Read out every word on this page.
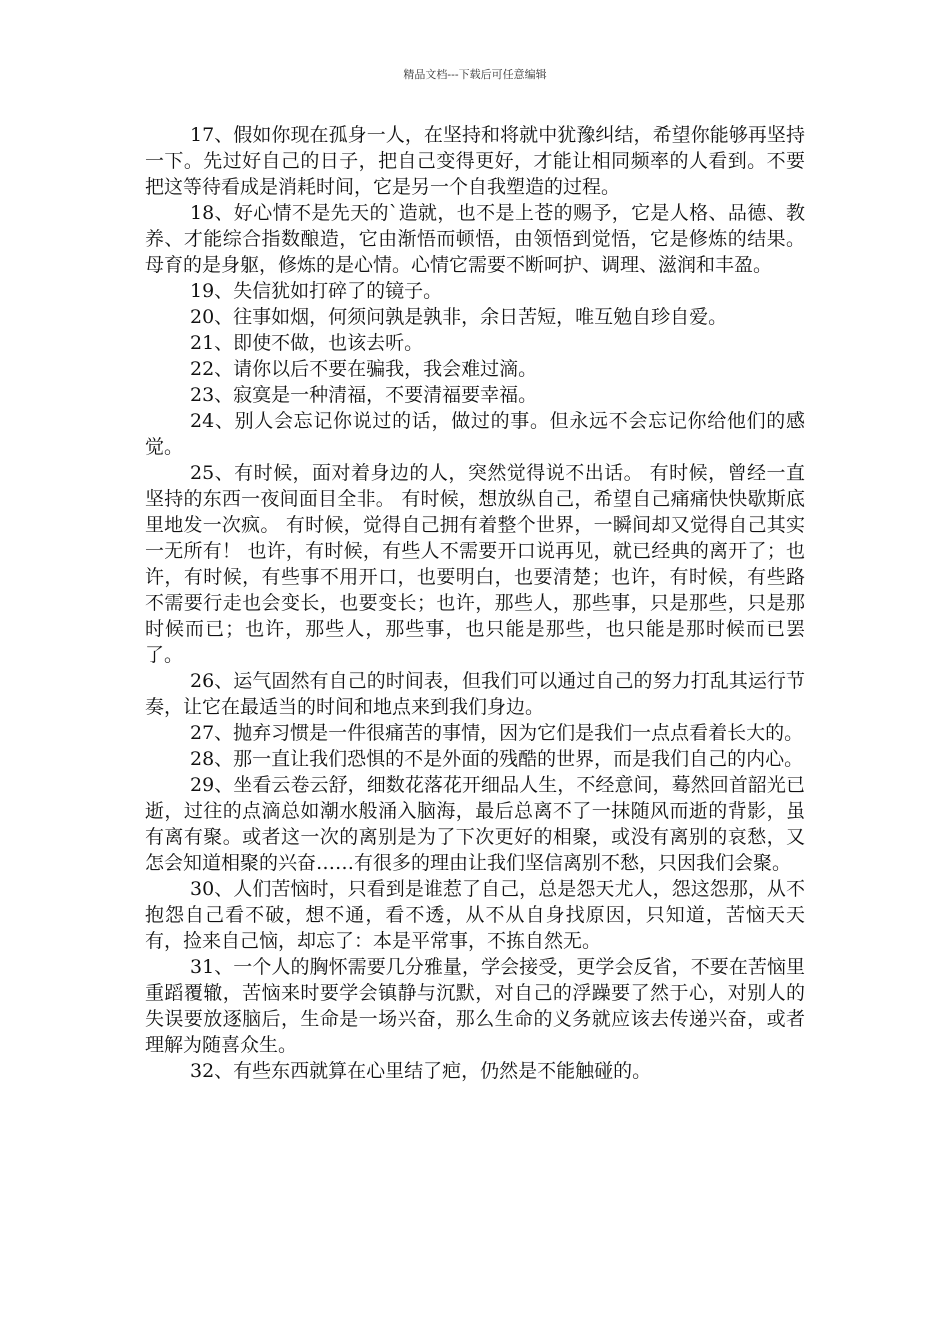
精品文档---下载后可任意编辑

17、假如你现在孤身一人，在坚持和将就中犹豫纠结，希望你能够再坚持一下。先过好自己的日子，把自己变得更好，才能让相同频率的人看到。不要把这等待看成是消耗时间，它是另一个自我塑造的过程。

18、好心情不是先天的`造就，也不是上苍的赐予，它是人格、品德、教养、才能综合指数酿造，它由渐悟而顿悟，由领悟到觉悟，它是修炼的结果。母育的是身躯，修炼的是心情。心情它需要不断呵护、调理、滋润和丰盈。

19、失信犹如打碎了的镜子。

20、往事如烟，何须问孰是孰非，余日苦短，唯互勉自珍自爱。

21、即使不做，也该去听。

22、请你以后不要在骗我，我会难过滴。

23、寂寞是一种清福，不要清福要幸福。

24、别人会忘记你说过的话，做过的事。但永远不会忘记你给他们的感觉。

25、有时候，面对着身边的人，突然觉得说不出话。 有时候，曾经一直坚持的东西一夜间面目全非。 有时候，想放纵自己，希望自己痛痛快快歇斯底里地发一次疯。 有时候，觉得自己拥有着整个世界，一瞬间却又觉得自己其实一无所有！ 也许，有时候，有些人不需要开口说再见，就已经典的离开了；也许，有时候，有些事不用开口，也要明白，也要清楚；也许，有时候，有些路不需要行走也会变长，也要变长；也许，那些人，那些事，只是那些，只是那时候而已；也许，那些人，那些事，也只能是那些，也只能是那时候而已罢了。

26、运气固然有自己的时间表，但我们可以通过自己的努力打乱其运行节奏，让它在最适当的时间和地点来到我们身边。

27、抛弃习惯是一件很痛苦的事情，因为它们是我们一点点看着长大的。

28、那一直让我们恐惧的不是外面的残酷的世界，而是我们自己的内心。

29、坐看云卷云舒，细数花落花开细品人生，不经意间，蓦然回首韶光已逝，过往的点滴总如潮水般涌入脑海，最后总离不了一抹随风而逝的背影，虽有离有聚。或者这一次的离别是为了下次更好的相聚，或没有离别的哀愁，又怎会知道相聚的兴奋……有很多的理由让我们坚信离别不愁，只因我们会聚。

30、人们苦恼时，只看到是谁惹了自己，总是怨天尤人，怨这怨那，从不抱怨自己看不破，想不通，看不透，从不从自身找原因，只知道，苦恼天天有，捡来自己恼，却忘了：本是平常事，不拣自然无。

31、一个人的胸怀需要几分雅量，学会接受，更学会反省，不要在苦恼里重蹈覆辙，苦恼来时要学会镇静与沉默，对自己的浮躁要了然于心，对别人的失误要放逐脑后，生命是一场兴奋，那么生命的义务就应该去传递兴奋，或者理解为随喜众生。

32、有些东西就算在心里结了疤，仍然是不能触碰的。
